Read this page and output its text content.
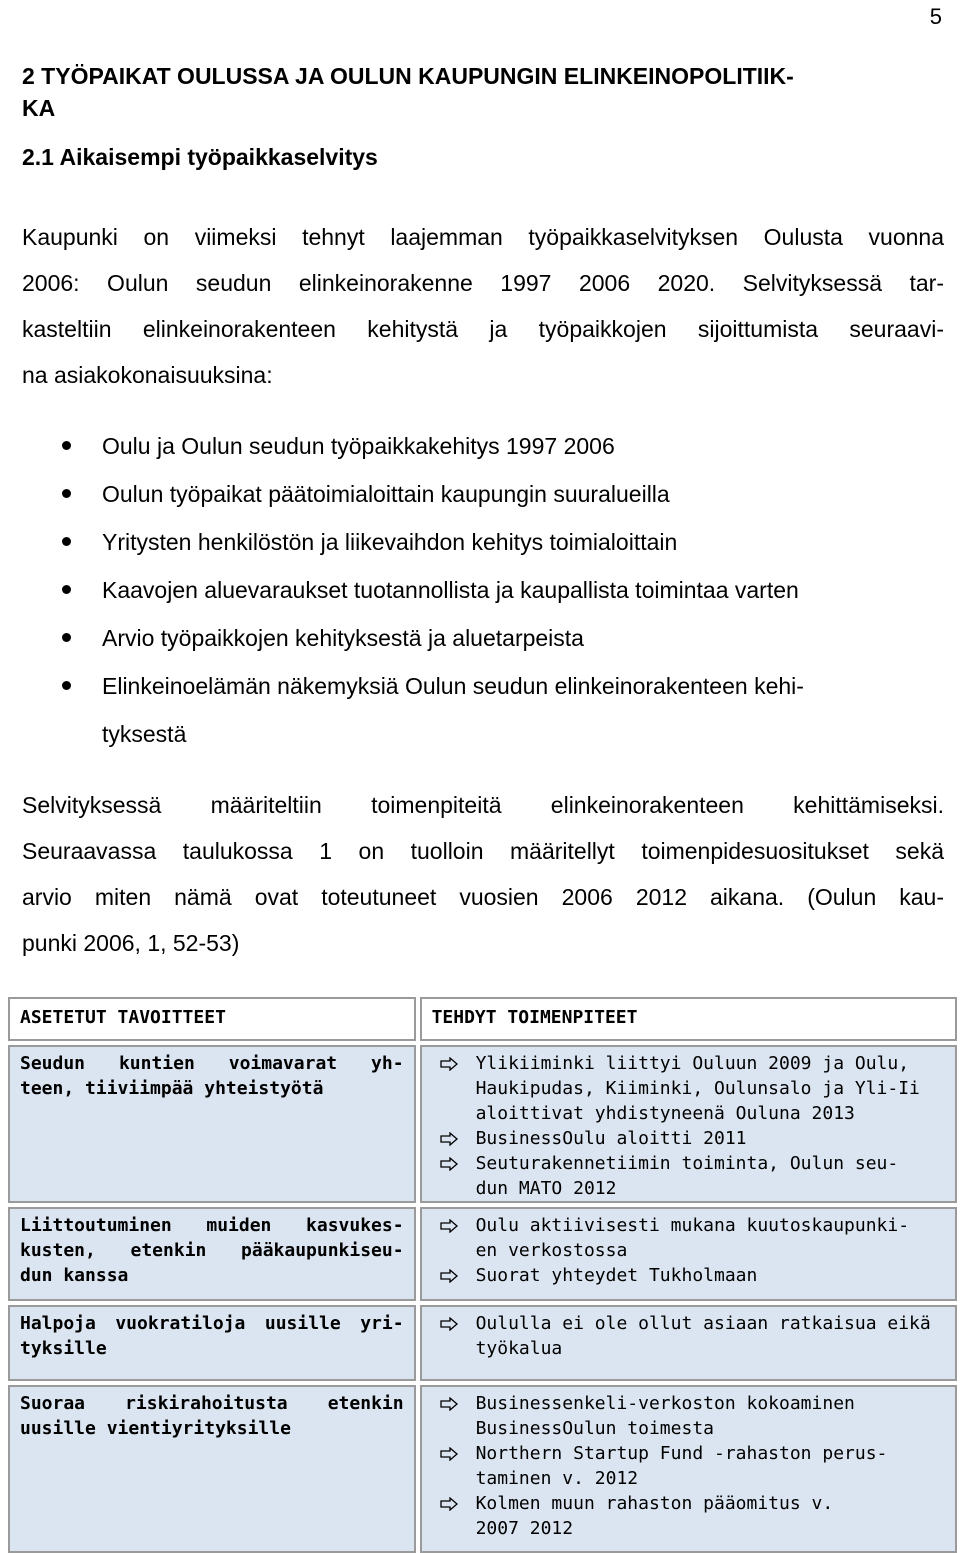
5
2 TYÖPAIKAT OULUSSA JA OULUN KAUPUNGIN ELINKEINOPOLITIIK-
KA
2.1 Aikaisempi työpaikkaselvitys

Kaupunki on viimeksi tehnyt laajemman työpaikkaselvityksen Oulusta vuonna
2006: Oulun seudun elinkeinorakenne 1997 2006 2020. Selvityksessä tar-
kasteltiin elinkeinorakenteen kehitystä ja työpaikkojen sijoittumista seuraavi-
na asiakokonaisuuksina:

Oulu ja Oulun seudun työpaikkakehitys 1997 2006
Oulun työpaikat päätoimialoittain kaupungin suuralueilla
Yritysten henkilöstön ja liikevaihdon kehitys toimialoittain
Kaavojen aluevaraukset tuotannollista ja kaupallista toimintaa varten
Arvio työpaikkojen kehityksestä ja aluetarpeista
Elinkeinoelämän näkemyksiä Oulun seudun elinkeinorakenteen kehi-
tyksestä

Selvityksessä määriteltiin toimenpiteitä elinkeinorakenteen kehittämiseksi.
Seuraavassa taulukossa 1 on tuolloin määritellyt toimenpidesuositukset sekä
arvio miten nämä ovat toteutuneet vuosien 2006 2012 aikana. (Oulun kau-
punki 2006, 1, 52-53)

ASETETUT TAVOITTEET	TEHDYT TOIMENPITEET
Seudun kuntien voimavarat yh-
teen, tiiviimpää yhteistyötä
Ylikiiminki liittyi Ouluun 2009 ja Oulu,
Haukipudas, Kiiminki, Oulunsalo ja Yli-Ii
aloittivat yhdistyneenä Ouluna 2013
BusinessOulu aloitti 2011
Seuturakennetiimin toiminta, Oulun seu-
dun MATO 2012
Liittoutuminen muiden kasvukes-
kusten, etenkin pääkaupunkiseu-
dun kanssa
Oulu aktiivisesti mukana kuutoskaupunki-
en verkostossa
Suorat yhteydet Tukholmaan
Halpoja vuokratiloja uusille yri-
tyksille
Oululla ei ole ollut asiaan ratkaisua eikä
työkalua
Suoraa riskirahoitusta etenkin
uusille vientiyrityksille
Businessenkeli-verkoston kokoaminen
BusinessOulun toimesta
Northern Startup Fund -rahaston perus-
taminen v. 2012
Kolmen muun rahaston pääomitus v.
2007 2012
